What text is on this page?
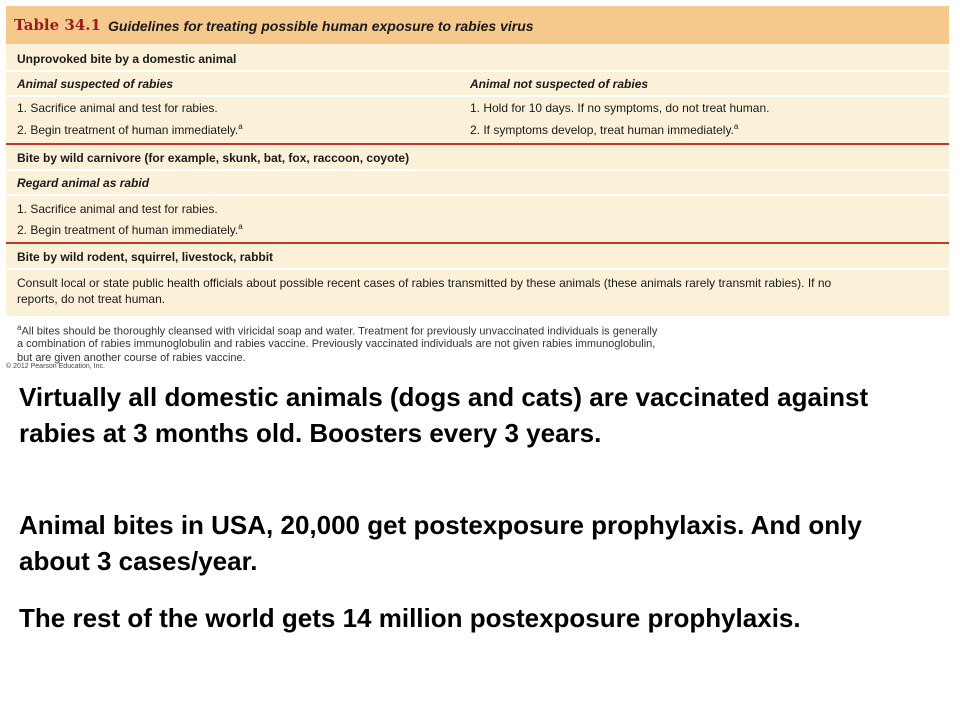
Table 34.1 Guidelines for treating possible human exposure to rabies virus
Unprovoked bite by a domestic animal
Animal suspected of rabies	Animal not suspected of rabies
1. Sacrifice animal and test for rabies.
2. Begin treatment of human immediately.$^a$
1. Hold for 10 days. If no symptoms, do not treat human.
2. If symptoms develop, treat human immediately.$^a$
Bite by wild carnivore (for example, skunk, bat, fox, raccoon, coyote)
Regard animal as rabid
1. Sacrifice animal and test for rabies.
2. Begin treatment of human immediately.$^a$
Bite by wild rodent, squirrel, livestock, rabbit
Consult local or state public health officials about possible recent cases of rabies transmitted by these animals (these animals rarely transmit rabies). If no
reports, do not treat human.
$^a$All bites should be thoroughly cleansed with viricidal soap and water. Treatment for previously unvaccinated individuals is generally
a combination of rabies immunoglobulin and rabies vaccine. Previously vaccinated individuals are not given rabies immunoglobulin,
but are given another course of rabies vaccine.
© 2012 Pearson Education, Inc.
Virtually all domestic animals (dogs and cats) are vaccinated against rabies at 3 months old. Boosters every 3 years.
Animal bites in USA, 20,000 get postexposure prophylaxis. And only about 3 cases/year.
The rest of the world gets 14 million postexposure prophylaxis.
